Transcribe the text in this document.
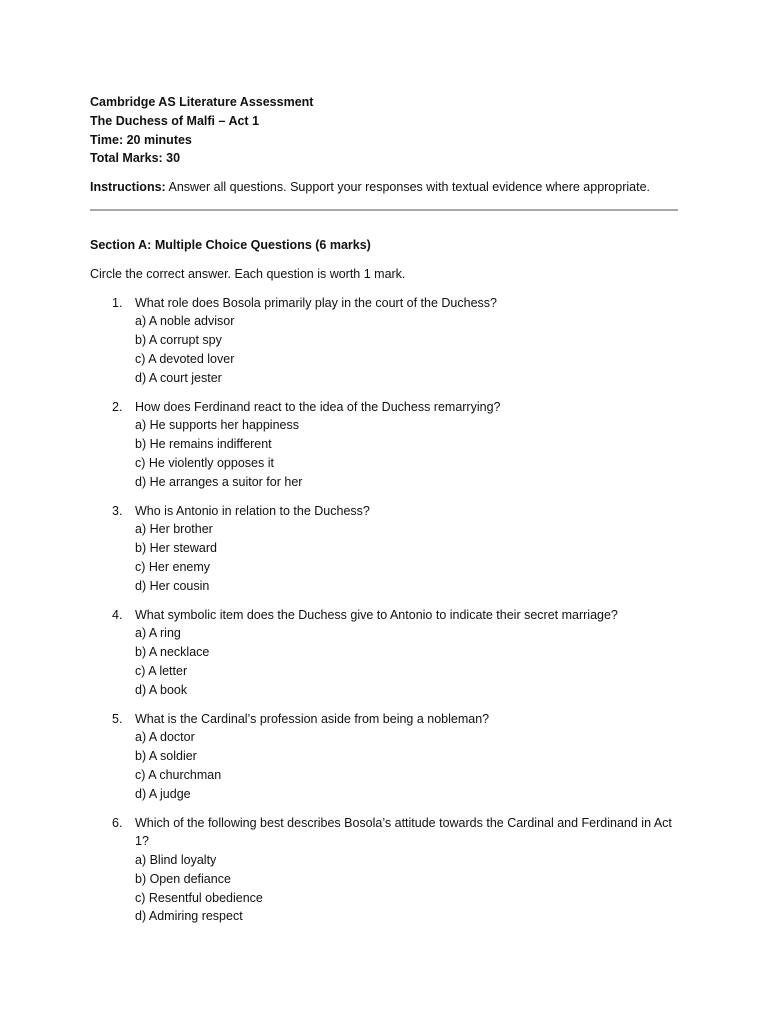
Cambridge AS Literature Assessment
The Duchess of Malfi – Act 1
Time: 20 minutes
Total Marks: 30
Instructions: Answer all questions. Support your responses with textual evidence where appropriate.
Section A: Multiple Choice Questions (6 marks)
Circle the correct answer. Each question is worth 1 mark.
1. What role does Bosola primarily play in the court of the Duchess?
a) A noble advisor
b) A corrupt spy
c) A devoted lover
d) A court jester
2. How does Ferdinand react to the idea of the Duchess remarrying?
a) He supports her happiness
b) He remains indifferent
c) He violently opposes it
d) He arranges a suitor for her
3. Who is Antonio in relation to the Duchess?
a) Her brother
b) Her steward
c) Her enemy
d) Her cousin
4. What symbolic item does the Duchess give to Antonio to indicate their secret marriage?
a) A ring
b) A necklace
c) A letter
d) A book
5. What is the Cardinal’s profession aside from being a nobleman?
a) A doctor
b) A soldier
c) A churchman
d) A judge
6. Which of the following best describes Bosola’s attitude towards the Cardinal and Ferdinand in Act 1?
a) Blind loyalty
b) Open defiance
c) Resentful obedience
d) Admiring respect
